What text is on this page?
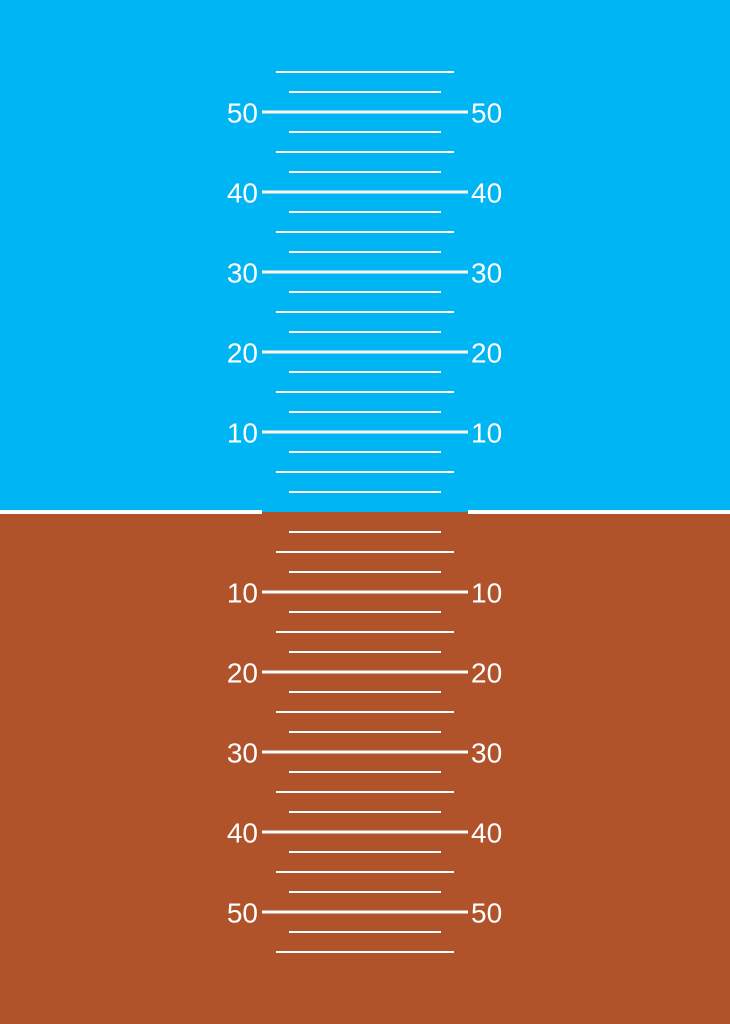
50	50
40	40
30	30
20	20
10	10
10	10
20	20
30	30
40	40
50	50
